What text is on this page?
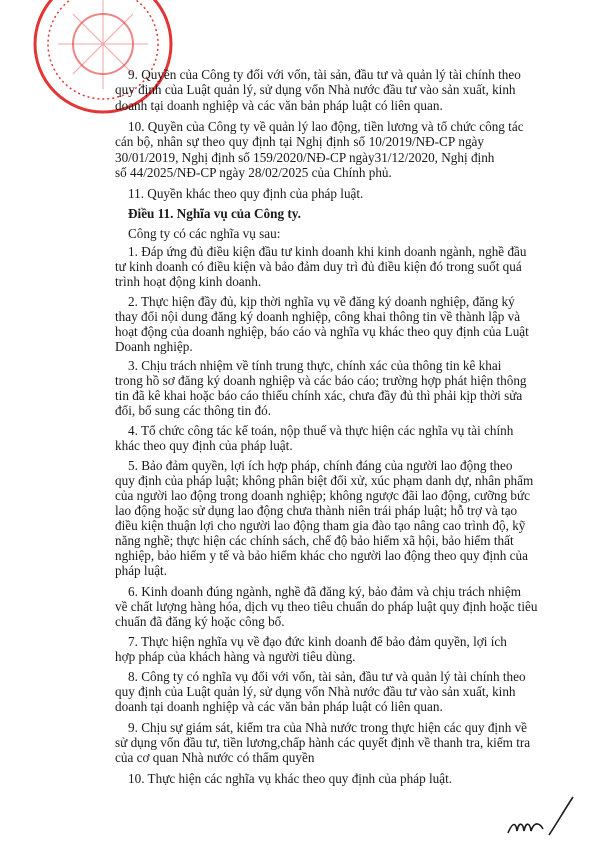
9. Quyền của Công ty đối với vốn, tài sản, đầu tư và quản lý tài chính theo

quy định của Luật quản lý, sử dụng vốn Nhà nước đầu tư vào sản xuất, kinh

doanh tại doanh nghiệp và các văn bản pháp luật có liên quan.

10. Quyền của Công ty về quản lý lao động, tiền lương và tổ chức công tác

cán bộ, nhân sự theo quy định tại Nghị định số 10/2019/NĐ-CP ngày

30/01/2019, Nghị định số 159/2020/NĐ-CP ngày31/12/2020, Nghị định

số 44/2025/NĐ-CP ngày 28/02/2025 của Chính phủ.

11. Quyền khác theo quy định của pháp luật.

Điều 11. Nghĩa vụ của Công ty.

Công ty có các nghĩa vụ sau:

1. Đáp ứng đủ điều kiện đầu tư kinh doanh khi kinh doanh ngành, nghề đầu

tư kinh doanh có điều kiện và bảo đảm duy trì đủ điều kiện đó trong suốt quá

trình hoạt động kinh doanh.

2. Thực hiện đầy đủ, kịp thời nghĩa vụ về đăng ký doanh nghiệp, đăng ký

thay đổi nội dung đăng ký doanh nghiệp, công khai thông tin về thành lập và

hoạt động của doanh nghiệp, báo cáo và nghĩa vụ khác theo quy định của Luật

Doanh nghiệp.

3. Chịu trách nhiệm về tính trung thực, chính xác của thông tin kê khai

trong hồ sơ đăng ký doanh nghiệp và các báo cáo; trường hợp phát hiện thông

tin đã kê khai hoặc báo cáo thiếu chính xác, chưa đầy đủ thì phải kịp thời sửa

đổi, bổ sung các thông tin đó.

4. Tổ chức công tác kế toán, nộp thuế và thực hiện các nghĩa vụ tài chính

khác theo quy định của pháp luật.

5. Bảo đảm quyền, lợi ích hợp pháp, chính đáng của người lao động theo

quy định của pháp luật; không phân biệt đối xử, xúc phạm danh dự, nhân phẩm

của người lao động trong doanh nghiệp; không ngược đãi lao động, cưỡng bức

lao động hoặc sử dụng lao động chưa thành niên trái pháp luật; hỗ trợ và tạo

điều kiện thuận lợi cho người lao động tham gia đào tạo nâng cao trình độ, kỹ

năng nghề; thực hiện các chính sách, chế độ bảo hiểm xã hội, bảo hiểm thất

nghiệp, bảo hiểm y tế và bảo hiểm khác cho người lao động theo quy định của

pháp luật.

6. Kinh doanh đúng ngành, nghề đã đăng ký, bảo đảm và chịu trách nhiệm

về chất lượng hàng hóa, dịch vụ theo tiêu chuẩn do pháp luật quy định hoặc tiêu

chuẩn đã đăng ký hoặc công bố.

7. Thực hiện nghĩa vụ về đạo đức kinh doanh để bảo đảm quyền, lợi ích

hợp pháp của khách hàng và người tiêu dùng.

8. Công ty có nghĩa vụ đối với vốn, tài sản, đầu tư và quản lý tài chính theo

quy định của Luật quản lý, sử dụng vốn Nhà nước đầu tư vào sản xuất, kinh

doanh tại doanh nghiệp và các văn bản pháp luật có liên quan.

9. Chịu sự giám sát, kiểm tra của Nhà nước trong thực hiện các quy định về

sử dụng vốn đầu tư, tiền lương,chấp hành các quyết định về thanh tra, kiểm tra

của cơ quan Nhà nước có thẩm quyền

10. Thực hiện các nghĩa vụ khác theo quy định của pháp luật.
